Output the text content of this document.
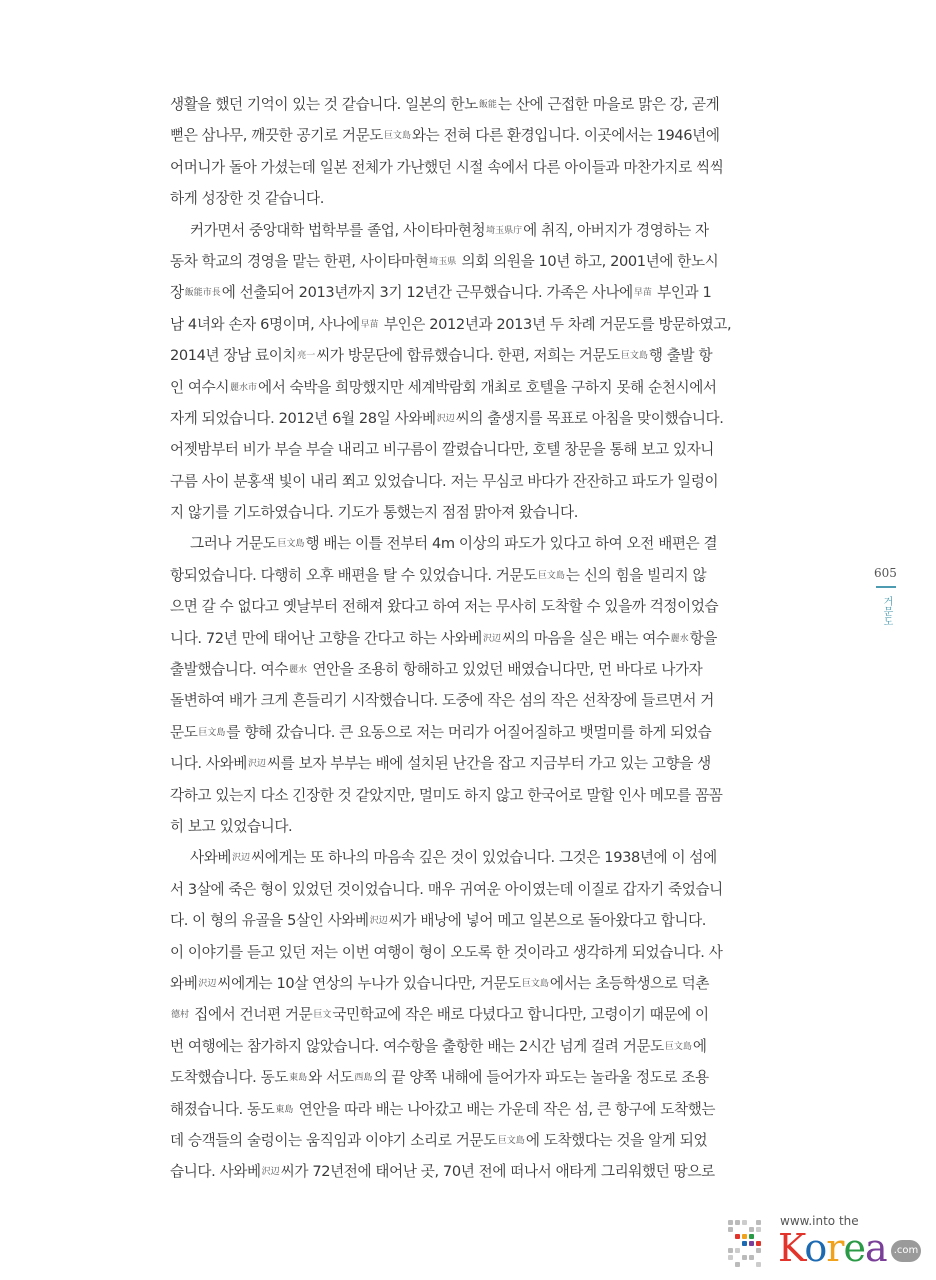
생활을 했던 기억이 있는 것 같습니다. 일본의 한노飯能는 산에 근접한 마을로 맑은 강, 곧게
뻗은 삼나무, 깨끗한 공기로 거문도巨文島와는 전혀 다른 환경입니다. 이곳에서는 1946년에
어머니가 돌아 가셨는데 일본 전체가 가난했던 시절 속에서 다른 아이들과 마찬가지로 씩씩
하게 성장한 것 같습니다.
커가면서 중앙대학 법학부를 졸업, 사이타마현청埼玉県庁에 취직, 아버지가 경영하는 자
동차 학교의 경영을 맡는 한편, 사이타마현埼玉県 의회 의원을 10년 하고, 2001년에 한노시
장飯能市長에 선출되어 2013년까지 3기 12년간 근무했습니다. 가족은 사나에早苗 부인과 1
남 4녀와 손자 6명이며, 사나에早苗 부인은 2012년과 2013년 두 차례 거문도를 방문하였고,
2014년 장남 료이치亮一씨가 방문단에 합류했습니다. 한편, 저희는 거문도巨文島행 출발 항
인 여수시麗水市에서 숙박을 희망했지만 세계박람회 개최로 호텔을 구하지 못해 순천시에서
자게 되었습니다. 2012년 6월 28일 사와베沢辺씨의 출생지를 목표로 아침을 맞이했습니다.
어젯밤부터 비가 부슬 부슬 내리고 비구름이 깔렸습니다만, 호텔 창문을 통해 보고 있자니
구름 사이 분홍색 빛이 내리 쬐고 있었습니다. 저는 무심코 바다가 잔잔하고 파도가 일렁이
지 않기를 기도하였습니다. 기도가 통했는지 점점 맑아져 왔습니다.
그러나 거문도巨文島행 배는 이틀 전부터 4m 이상의 파도가 있다고 하여 오전 배편은 결
항되었습니다. 다행히 오후 배편을 탈 수 있었습니다. 거문도巨文島는 신의 힘을 빌리지 않
으면 갈 수 없다고 옛날부터 전해져 왔다고 하여 저는 무사히 도착할 수 있을까 걱정이었습
니다. 72년 만에 태어난 고향을 간다고 하는 사와베沢辺씨의 마음을 실은 배는 여수麗水항을
출발했습니다. 여수麗水 연안을 조용히 항해하고 있었던 배였습니다만, 먼 바다로 나가자
돌변하여 배가 크게 흔들리기 시작했습니다. 도중에 작은 섬의 작은 선착장에 들르면서 거
문도巨文島를 향해 갔습니다. 큰 요동으로 저는 머리가 어질어질하고 뱃멀미를 하게 되었습
니다. 사와베沢辺씨를 보자 부부는 배에 설치된 난간을 잡고 지금부터 가고 있는 고향을 생
각하고 있는지 다소 긴장한 것 같았지만, 멀미도 하지 않고 한국어로 말할 인사 메모를 꼼꼼
히 보고 있었습니다.
사와베沢辺씨에게는 또 하나의 마음속 깊은 것이 있었습니다. 그것은 1938년에 이 섬에
서 3살에 죽은 형이 있었던 것이었습니다. 매우 귀여운 아이였는데 이질로 갑자기 죽었습니
다. 이 형의 유골을 5살인 사와베沢辺씨가 배낭에 넣어 메고 일본으로 돌아왔다고 합니다.
이 이야기를 듣고 있던 저는 이번 여행이 형이 오도록 한 것이라고 생각하게 되었습니다. 사
와베沢辺씨에게는 10살 연상의 누나가 있습니다만, 거문도巨文島에서는 초등학생으로 덕촌
德村 집에서 건너편 거문巨文국민학교에 작은 배로 다녔다고 합니다만, 고령이기 때문에 이
번 여행에는 참가하지 않았습니다. 여수항을 출항한 배는 2시간 넘게 걸려 거문도巨文島에
도착했습니다. 동도東島와 서도西島의 끝 양쪽 내해에 들어가자 파도는 놀라울 정도로 조용
해졌습니다. 동도東島 연안을 따라 배는 나아갔고 배는 가운데 작은 섬, 큰 항구에 도착했는
데 승객들의 술렁이는 움직임과 이야기 소리로 거문도巨文島에 도착했다는 것을 알게 되었
습니다. 사와베沢辺씨가 72년전에 태어난 곳, 70년 전에 떠나서 애타게 그리워했던 땅으로
605
거문도
www.into the
Korea .com
